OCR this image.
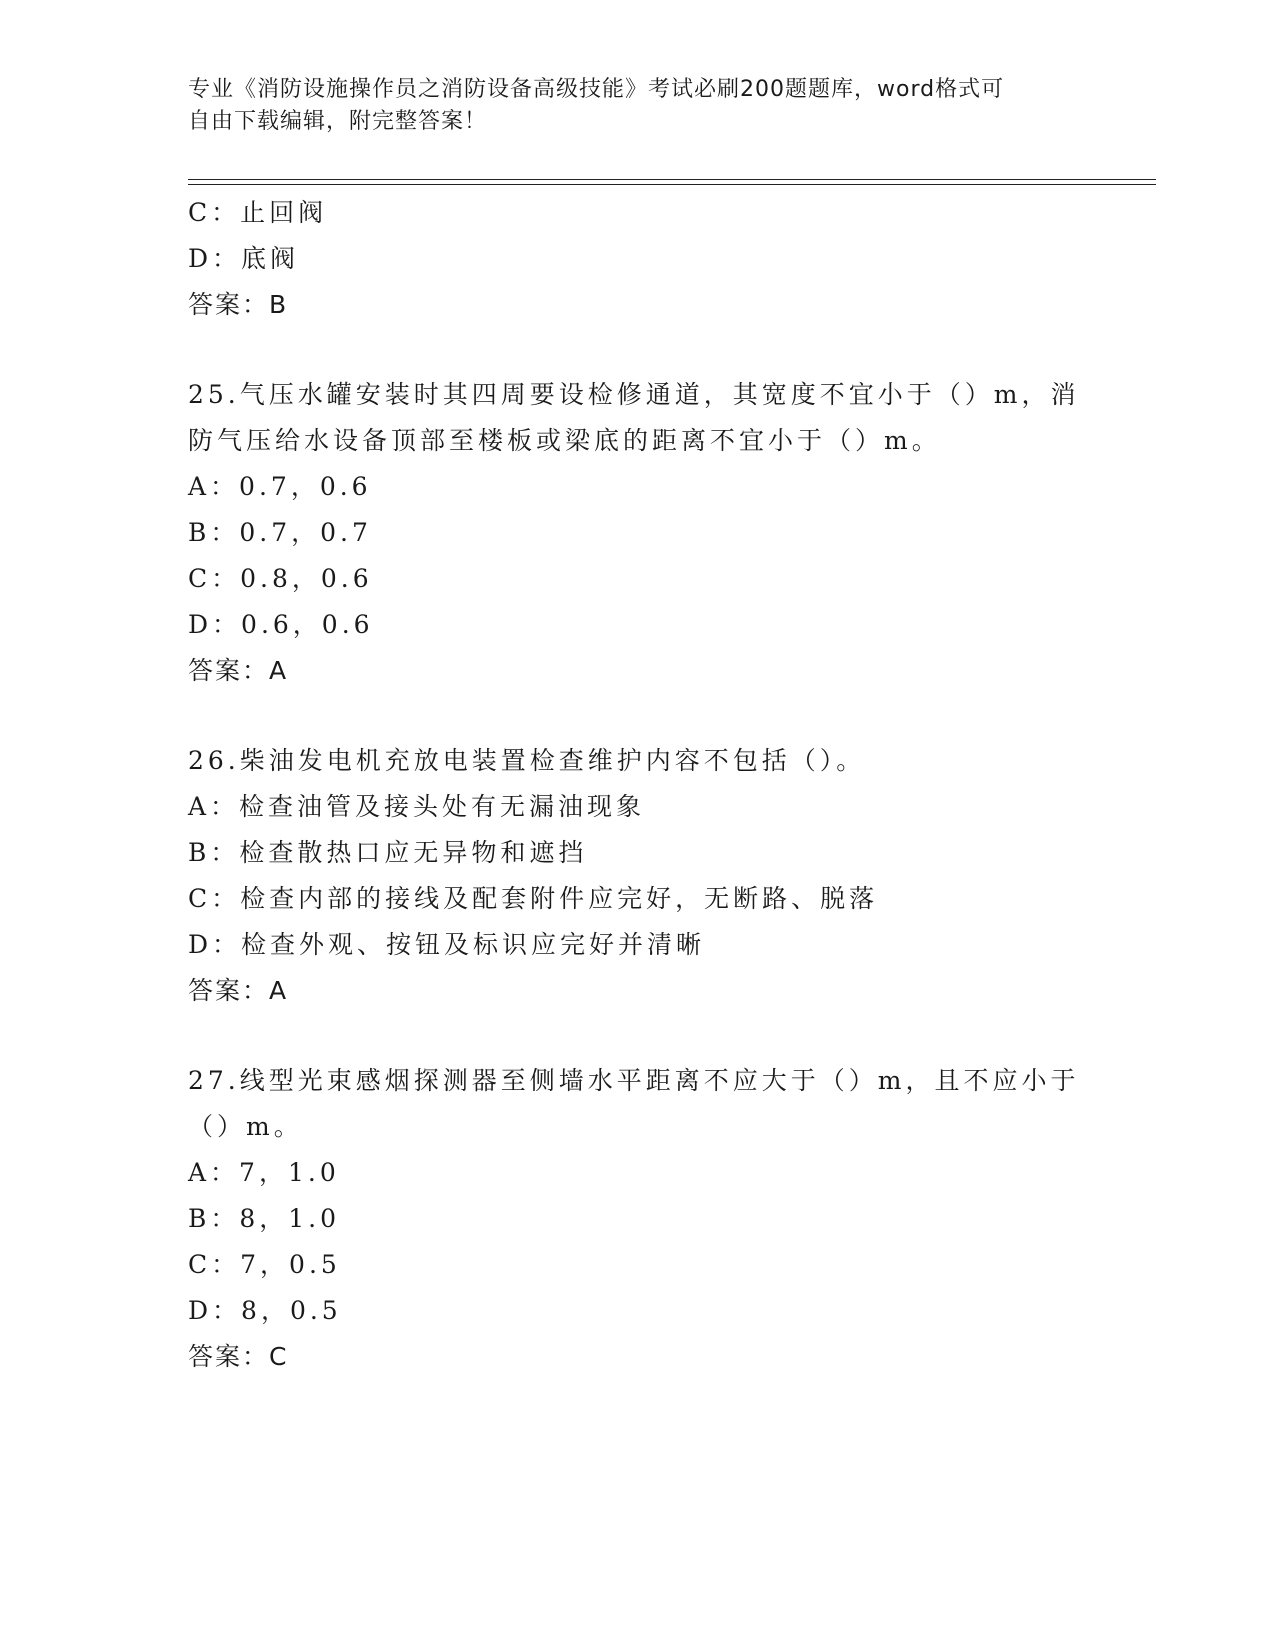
专业《消防设施操作员之消防设备高级技能》考试必刷200题题库，word格式可
自由下载编辑，附完整答案！
C：止回阀
D：底阀
答案：B
25.气压水罐安装时其四周要设检修通道，其宽度不宜小于（）m，消
防气压给水设备顶部至楼板或梁底的距离不宜小于（）m。
A：0.7，0.6
B：0.7，0.7
C：0.8，0.6
D：0.6，0.6
答案：A
26.柴油发电机充放电装置检查维护内容不包括（）。
A：检查油管及接头处有无漏油现象
B：检查散热口应无异物和遮挡
C：检查内部的接线及配套附件应完好，无断路、脱落
D：检查外观、按钮及标识应完好并清晰
答案：A
27.线型光束感烟探测器至侧墙水平距离不应大于（）m，且不应小于
（）m。
A：7，1.0
B：8，1.0
C：7，0.5
D：8，0.5
答案：C
